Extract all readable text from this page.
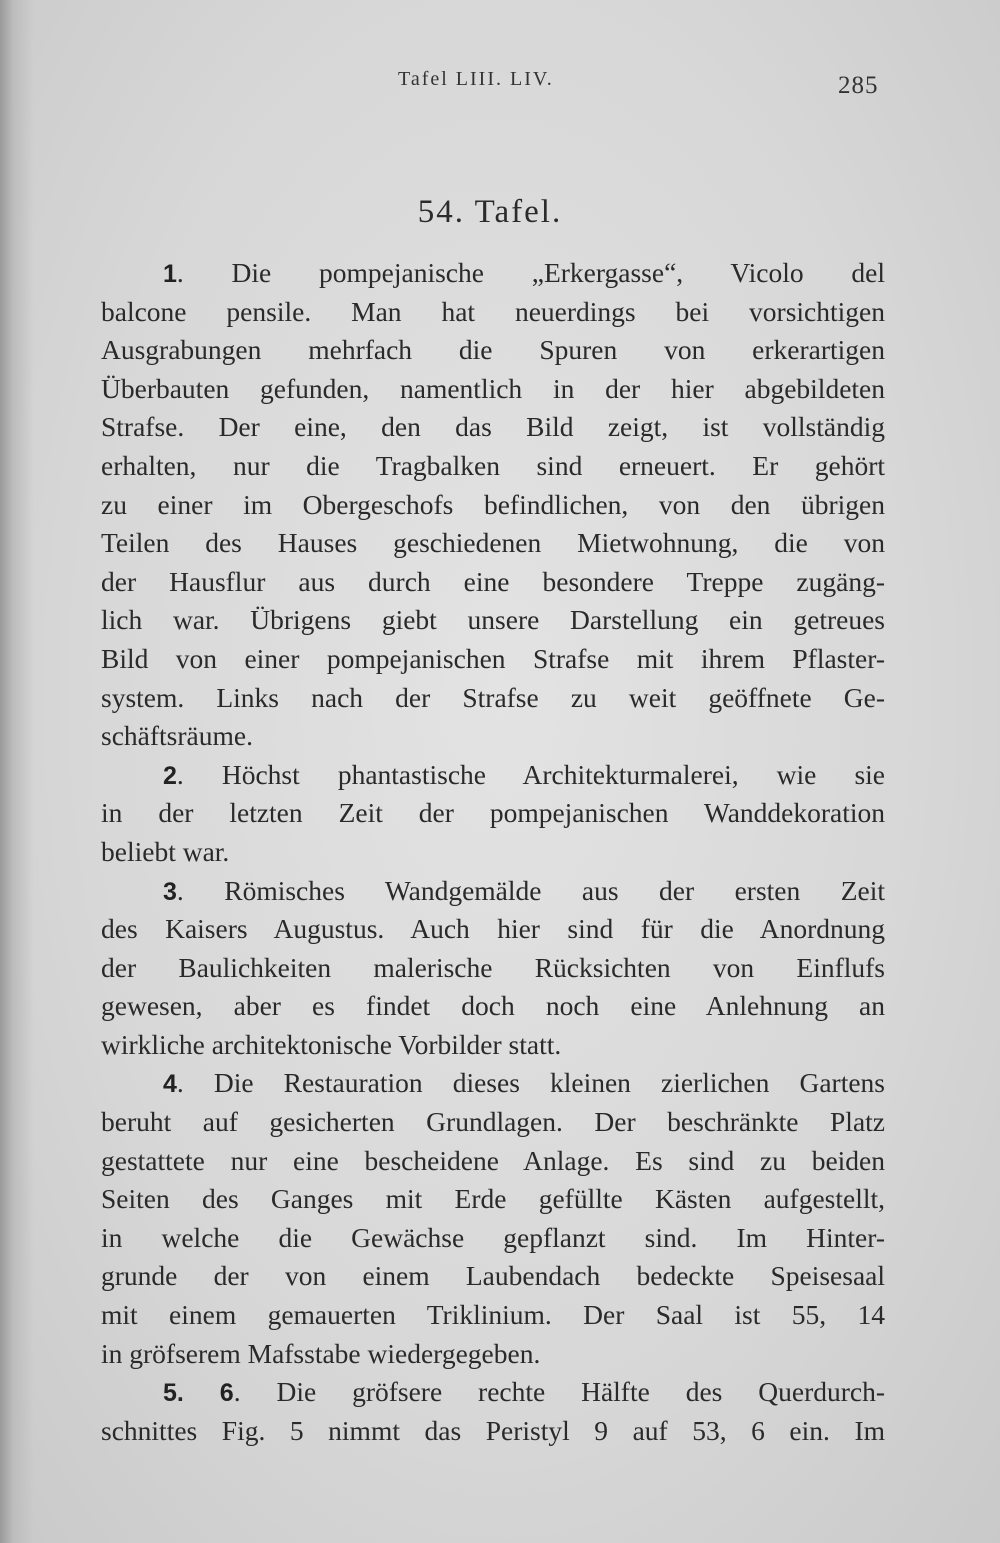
Tafel LIII. LIV.	285
54. Tafel.
1. Die pompejanische „Erkergasse“, Vicolo del
balcone pensile. Man hat neuerdings bei vorsichtigen
Ausgrabungen mehrfach die Spuren von erkerartigen
Überbauten gefunden, namentlich in der hier abgebildeten
Strafse. Der eine, den das Bild zeigt, ist vollständig
erhalten, nur die Tragbalken sind erneuert. Er gehört
zu einer im Obergeschofs befindlichen, von den übrigen
Teilen des Hauses geschiedenen Mietwohnung, die von
der Hausflur aus durch eine besondere Treppe zugäng-
lich war. Übrigens giebt unsere Darstellung ein getreues
Bild von einer pompejanischen Strafse mit ihrem Pflaster-
system. Links nach der Strafse zu weit geöffnete Ge-
schäftsräume.
2. Höchst phantastische Architekturmalerei, wie sie
in der letzten Zeit der pompejanischen Wanddekoration
beliebt war.
3. Römisches Wandgemälde aus der ersten Zeit
des Kaisers Augustus. Auch hier sind für die Anordnung
der Baulichkeiten malerische Rücksichten von Einflufs
gewesen, aber es findet doch noch eine Anlehnung an
wirkliche architektonische Vorbilder statt.
4. Die Restauration dieses kleinen zierlichen Gartens
beruht auf gesicherten Grundlagen. Der beschränkte Platz
gestattete nur eine bescheidene Anlage. Es sind zu beiden
Seiten des Ganges mit Erde gefüllte Kästen aufgestellt,
in welche die Gewächse gepflanzt sind. Im Hinter-
grunde der von einem Laubendach bedeckte Speisesaal
mit einem gemauerten Triklinium. Der Saal ist 55, 14
in gröfserem Mafsstabe wiedergegeben.
5. 6. Die gröfsere rechte Hälfte des Querdurch-
schnittes Fig. 5 nimmt das Peristyl 9 auf 53, 6 ein. Im
